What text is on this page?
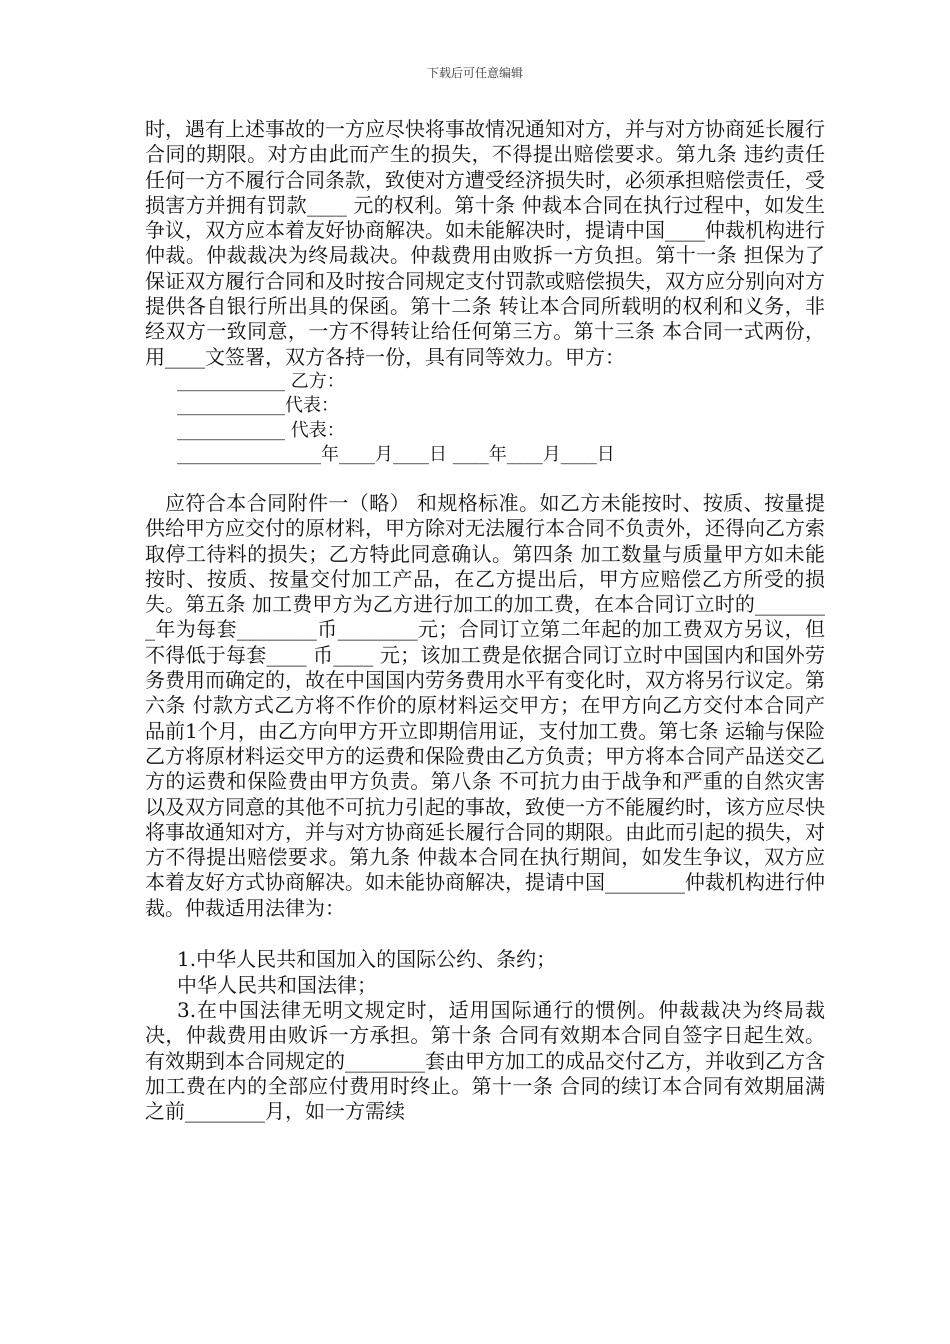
下载后可任意编辑

时，遇有上述事故的一方应尽快将事故情况通知对方，并与对方协商延长履行合同的期限。对方由此而产生的损失，不得提出赔偿要求。第九条 违约责任任何一方不履行合同条款，致使对方遭受经济损失时，必须承担赔偿责任，受损害方并拥有罚款____ 元的权利。第十条 仲裁本合同在执行过程中，如发生争议，双方应本着友好协商解决。如未能解决时，提请中国____仲裁机构进行仲裁。仲裁裁决为终局裁决。仲裁费用由败拆一方负担。第十一条 担保为了保证双方履行合同和及时按合同规定支付罚款或赔偿损失，双方应分别向对方提供各自银行所出具的保函。第十二条 转让本合同所载明的权利和义务，非经双方一致同意，一方不得转让给任何第三方。第十三条 本合同一式两份，用____文签署，双方各持一份，具有同等效力。甲方：

____________ 乙方：
____________代表：
____________ 代表：
________________年____月____日 ____年____月____日

应符合本合同附件一（略） 和规格标准。如乙方未能按时、按质、按量提供给甲方应交付的原材料，甲方除对无法履行本合同不负责外，还得向乙方索取停工待料的损失；乙方特此同意确认。第四条 加工数量与质量甲方如未能按时、按质、按量交付加工产品，在乙方提出后，甲方应赔偿乙方所受的损失。第五条 加工费甲方为乙方进行加工的加工费，在本合同订立时的________年为每套________币________元；合同订立第二年起的加工费双方另议，但不得低于每套____ 币____ 元；该加工费是依据合同订立时中国国内和国外劳务费用而确定的，故在中国国内劳务费用水平有变化时，双方将另行议定。第六条 付款方式乙方将不作价的原材料运交甲方；在甲方向乙方交付本合同产品前1个月，由乙方向甲方开立即期信用证，支付加工费。第七条 运输与保险乙方将原材料运交甲方的运费和保险费由乙方负责；甲方将本合同产品送交乙方的运费和保险费由甲方负责。第八条 不可抗力由于战争和严重的自然灾害以及双方同意的其他不可抗力引起的事故，致使一方不能履约时，该方应尽快将事故通知对方，并与对方协商延长履行合同的期限。由此而引起的损失，对方不得提出赔偿要求。第九条 仲裁本合同在执行期间，如发生争议，双方应本着友好方式协商解决。如未能协商解决，提请中国________仲裁机构进行仲裁。仲裁适用法律为：

1.中华人民共和国加入的国际公约、条约；
中华人民共和国法律；

3.在中国法律无明文规定时，适用国际通行的惯例。仲裁裁决为终局裁决，仲裁费用由败诉一方承担。第十条 合同有效期本合同自签字日起生效。有效期到本合同规定的________套由甲方加工的成品交付乙方，并收到乙方含加工费在内的全部应付费用时终止。第十一条 合同的续订本合同有效期届满之前________月，如一方需续
